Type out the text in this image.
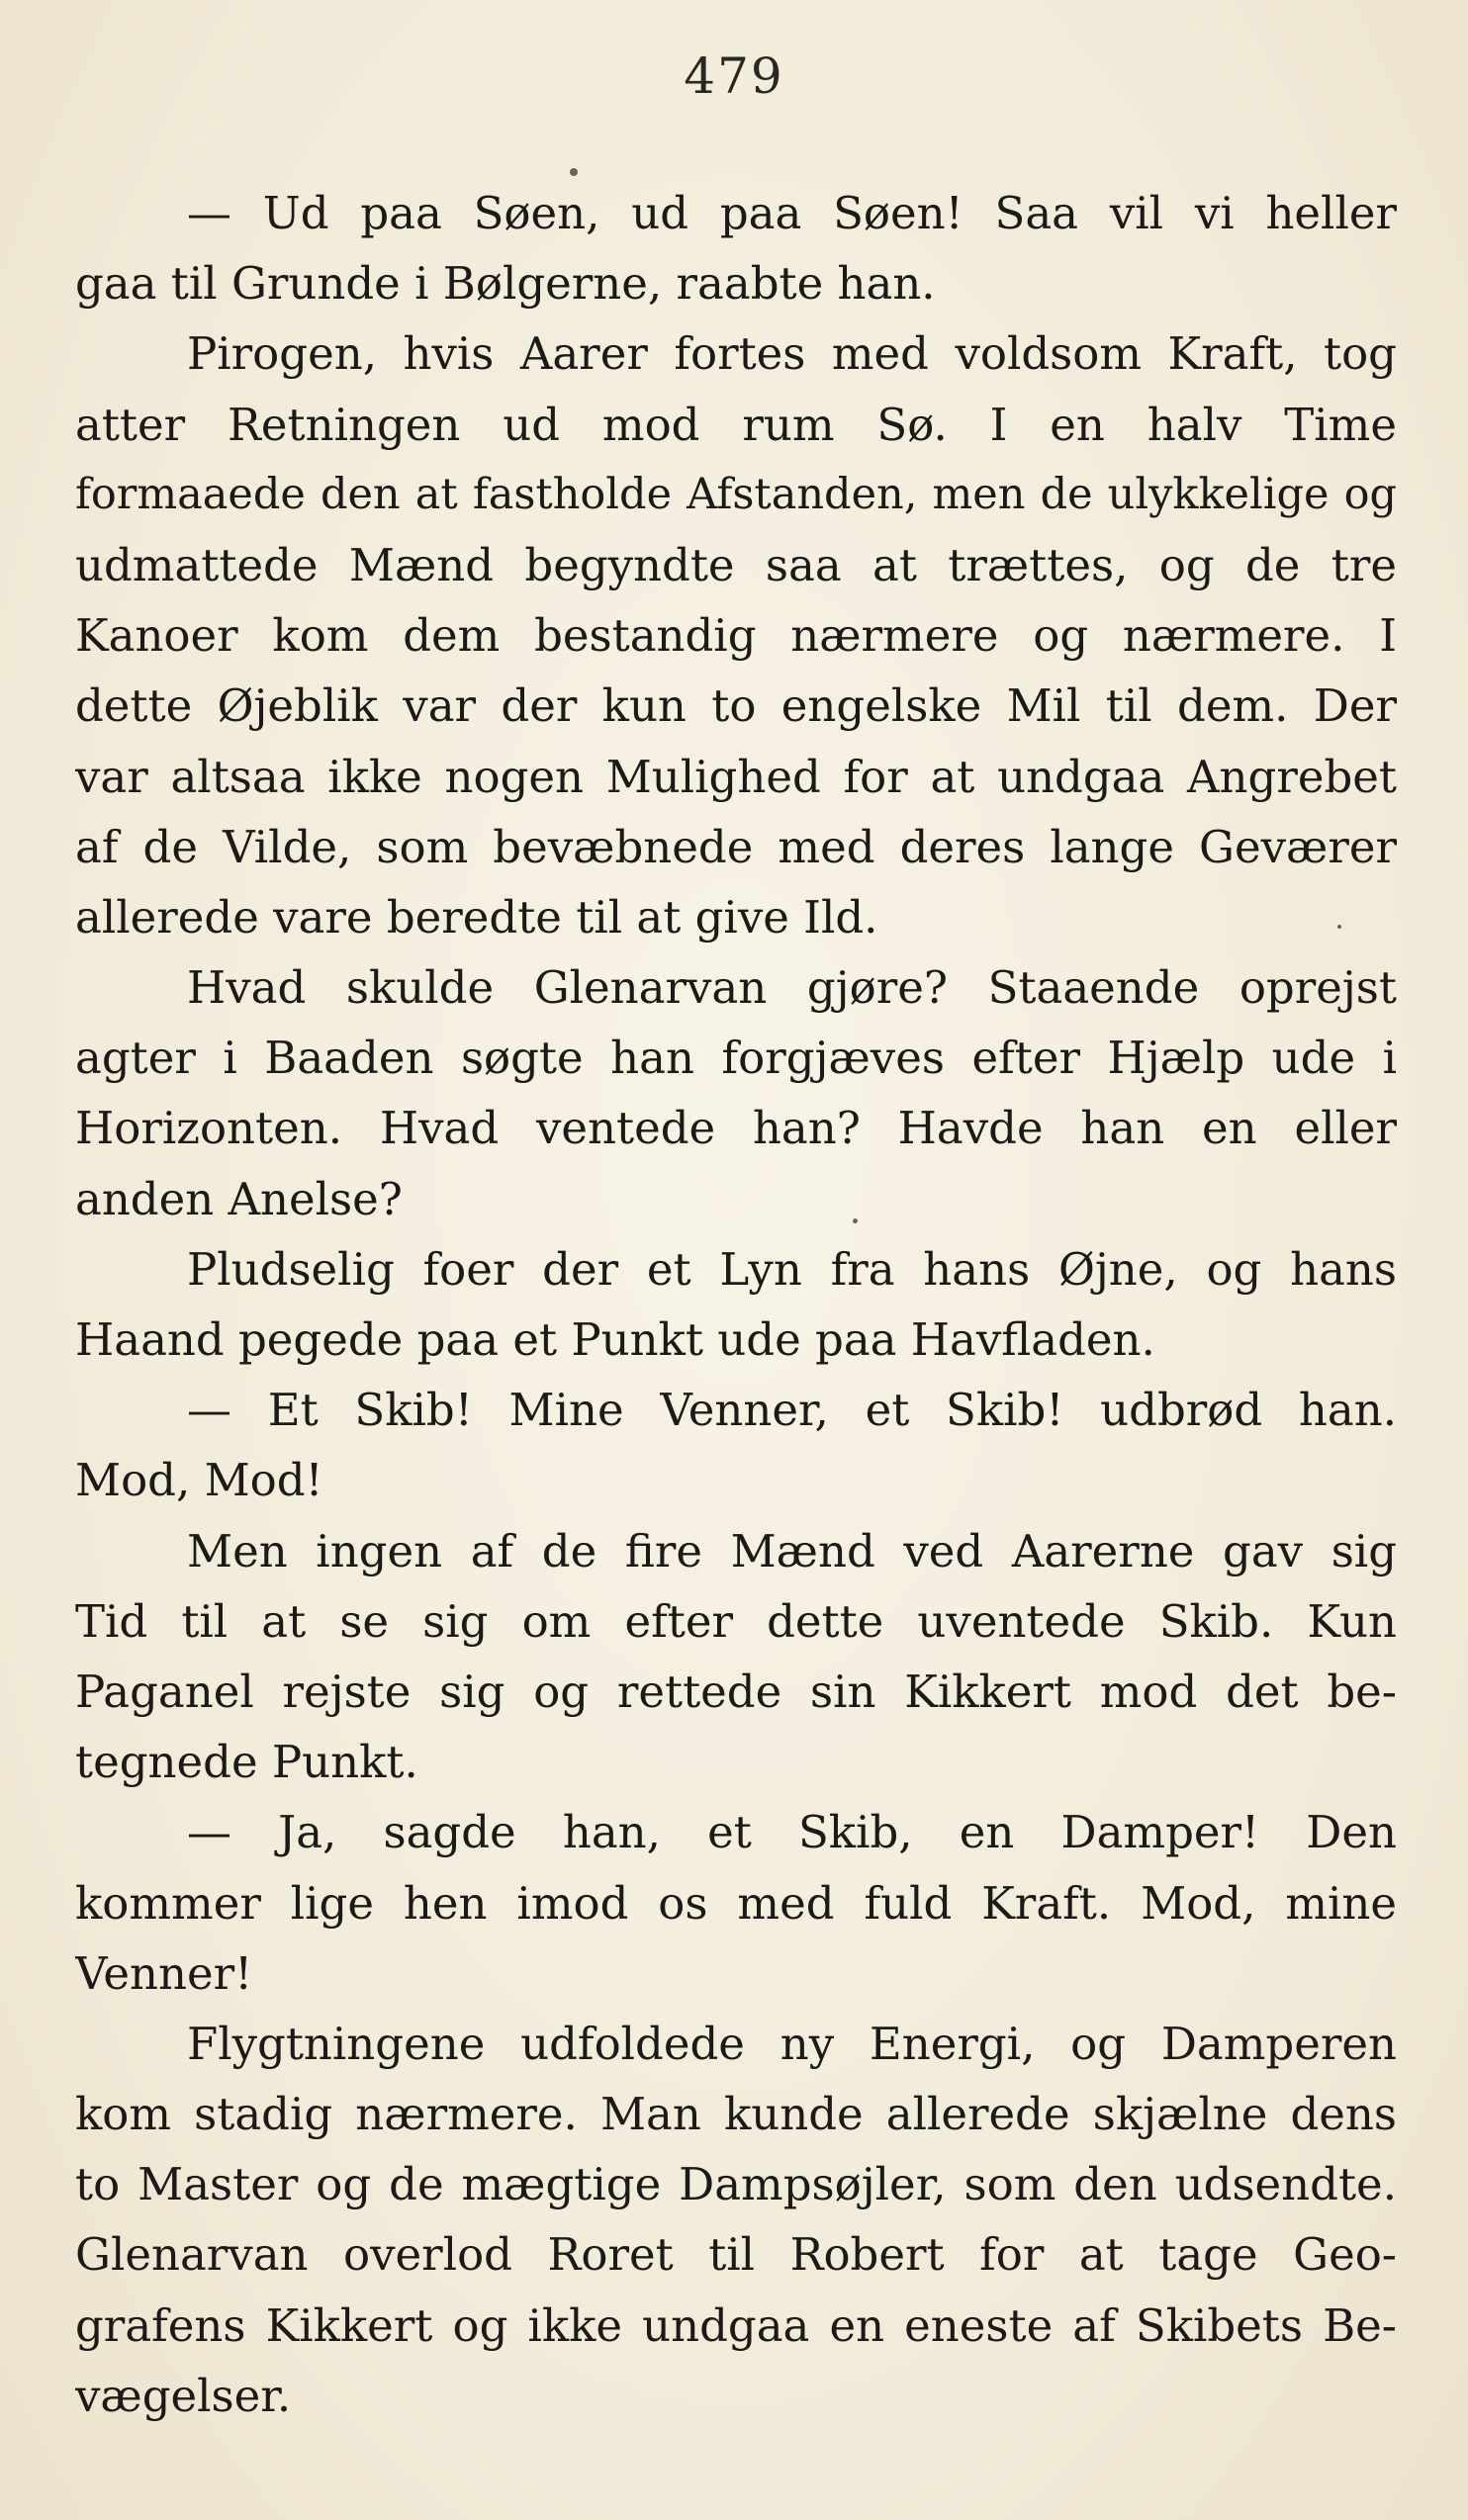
479
— Ud paa Søen, ud paa Søen! Saa vil vi heller
gaa til Grunde i Bølgerne, raabte han.
Pirogen, hvis Aarer fortes med voldsom Kraft, tog
atter Retningen ud mod rum Sø. I en halv Time
formaaede den at fastholde Afstanden, men de ulykkelige og
udmattede Mænd begyndte saa at trættes, og de tre
Kanoer kom dem bestandig nærmere og nærmere. I
dette Øjeblik var der kun to engelske Mil til dem. Der
var altsaa ikke nogen Mulighed for at undgaa Angrebet
af de Vilde, som bevæbnede med deres lange Geværer
allerede vare beredte til at give Ild.
Hvad skulde Glenarvan gjøre? Staaende oprejst
agter i Baaden søgte han forgjæves efter Hjælp ude i
Horizonten. Hvad ventede han? Havde han en eller
anden Anelse?
Pludselig foer der et Lyn fra hans Øjne, og hans
Haand pegede paa et Punkt ude paa Havfladen.
— Et Skib! Mine Venner, et Skib! udbrød han.
Mod, Mod!
Men ingen af de fire Mænd ved Aarerne gav sig
Tid til at se sig om efter dette uventede Skib. Kun
Paganel rejste sig og rettede sin Kikkert mod det be-
tegnede Punkt.
— Ja, sagde han, et Skib, en Damper! Den
kommer lige hen imod os med fuld Kraft. Mod, mine
Venner!
Flygtningene udfoldede ny Energi, og Damperen
kom stadig nærmere. Man kunde allerede skjælne dens
to Master og de mægtige Dampsøjler, som den udsendte.
Glenarvan overlod Roret til Robert for at tage Geo-
grafens Kikkert og ikke undgaa en eneste af Skibets Be-
vægelser.
